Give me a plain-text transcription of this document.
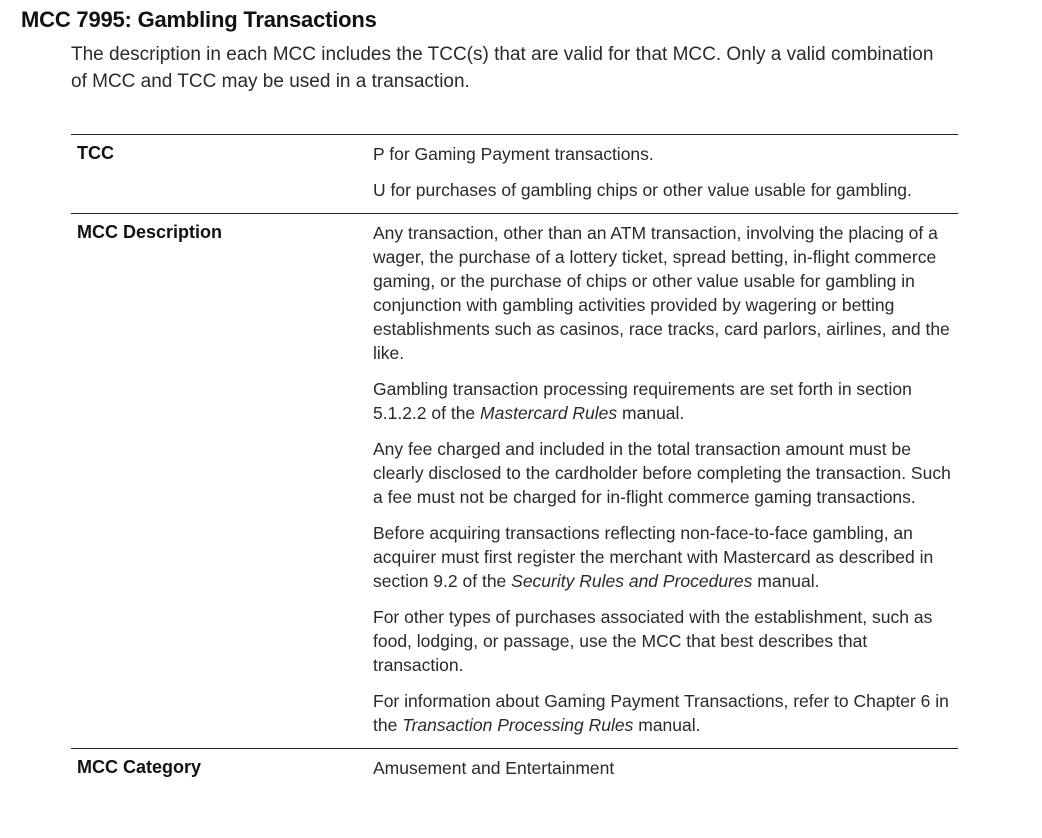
MCC 7995: Gambling Transactions

The description in each MCC includes the TCC(s) that are valid for that MCC. Only a valid combination of MCC and TCC may be used in a transaction.

TCC	P for Gaming Payment transactions.

U for purchases of gambling chips or other value usable for gambling.

MCC Description	Any transaction, other than an ATM transaction, involving the placing of a wager, the purchase of a lottery ticket, spread betting, in-flight commerce gaming, or the purchase of chips or other value usable for gambling in conjunction with gambling activities provided by wagering or betting establishments such as casinos, race tracks, card parlors, airlines, and the like.

Gambling transaction processing requirements are set forth in section 5.1.2.2 of the Mastercard Rules manual.

Any fee charged and included in the total transaction amount must be clearly disclosed to the cardholder before completing the transaction. Such a fee must not be charged for in-flight commerce gaming transactions.

Before acquiring transactions reflecting non-face-to-face gambling, an acquirer must first register the merchant with Mastercard as described in section 9.2 of the Security Rules and Procedures manual.

For other types of purchases associated with the establishment, such as food, lodging, or passage, use the MCC that best describes that transaction.

For information about Gaming Payment Transactions, refer to Chapter 6 in the Transaction Processing Rules manual.

MCC Category	Amusement and Entertainment
